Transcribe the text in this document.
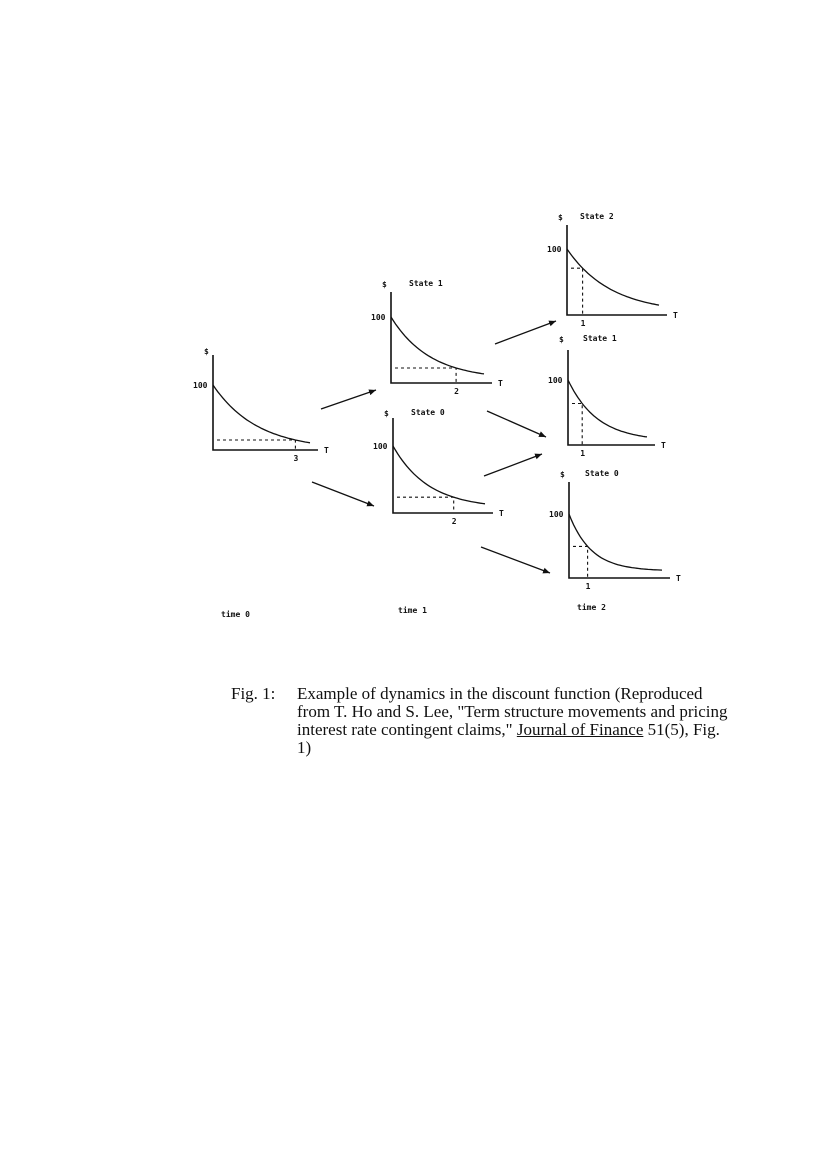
$
100
T
3
$
100
T
2
State 1
$
100
T
2
State 0
$
100
T
1
State 2
$
100
T
1
State 1
$
100
T
1
State 0
time 0	time 1	time 2
Fig. 1:	Example of dynamics in the discount function (Reproduced from T. Ho and S. Lee, "Term structure movements and pricing interest rate contingent claims," Journal of Finance 51(5), Fig. 1)
